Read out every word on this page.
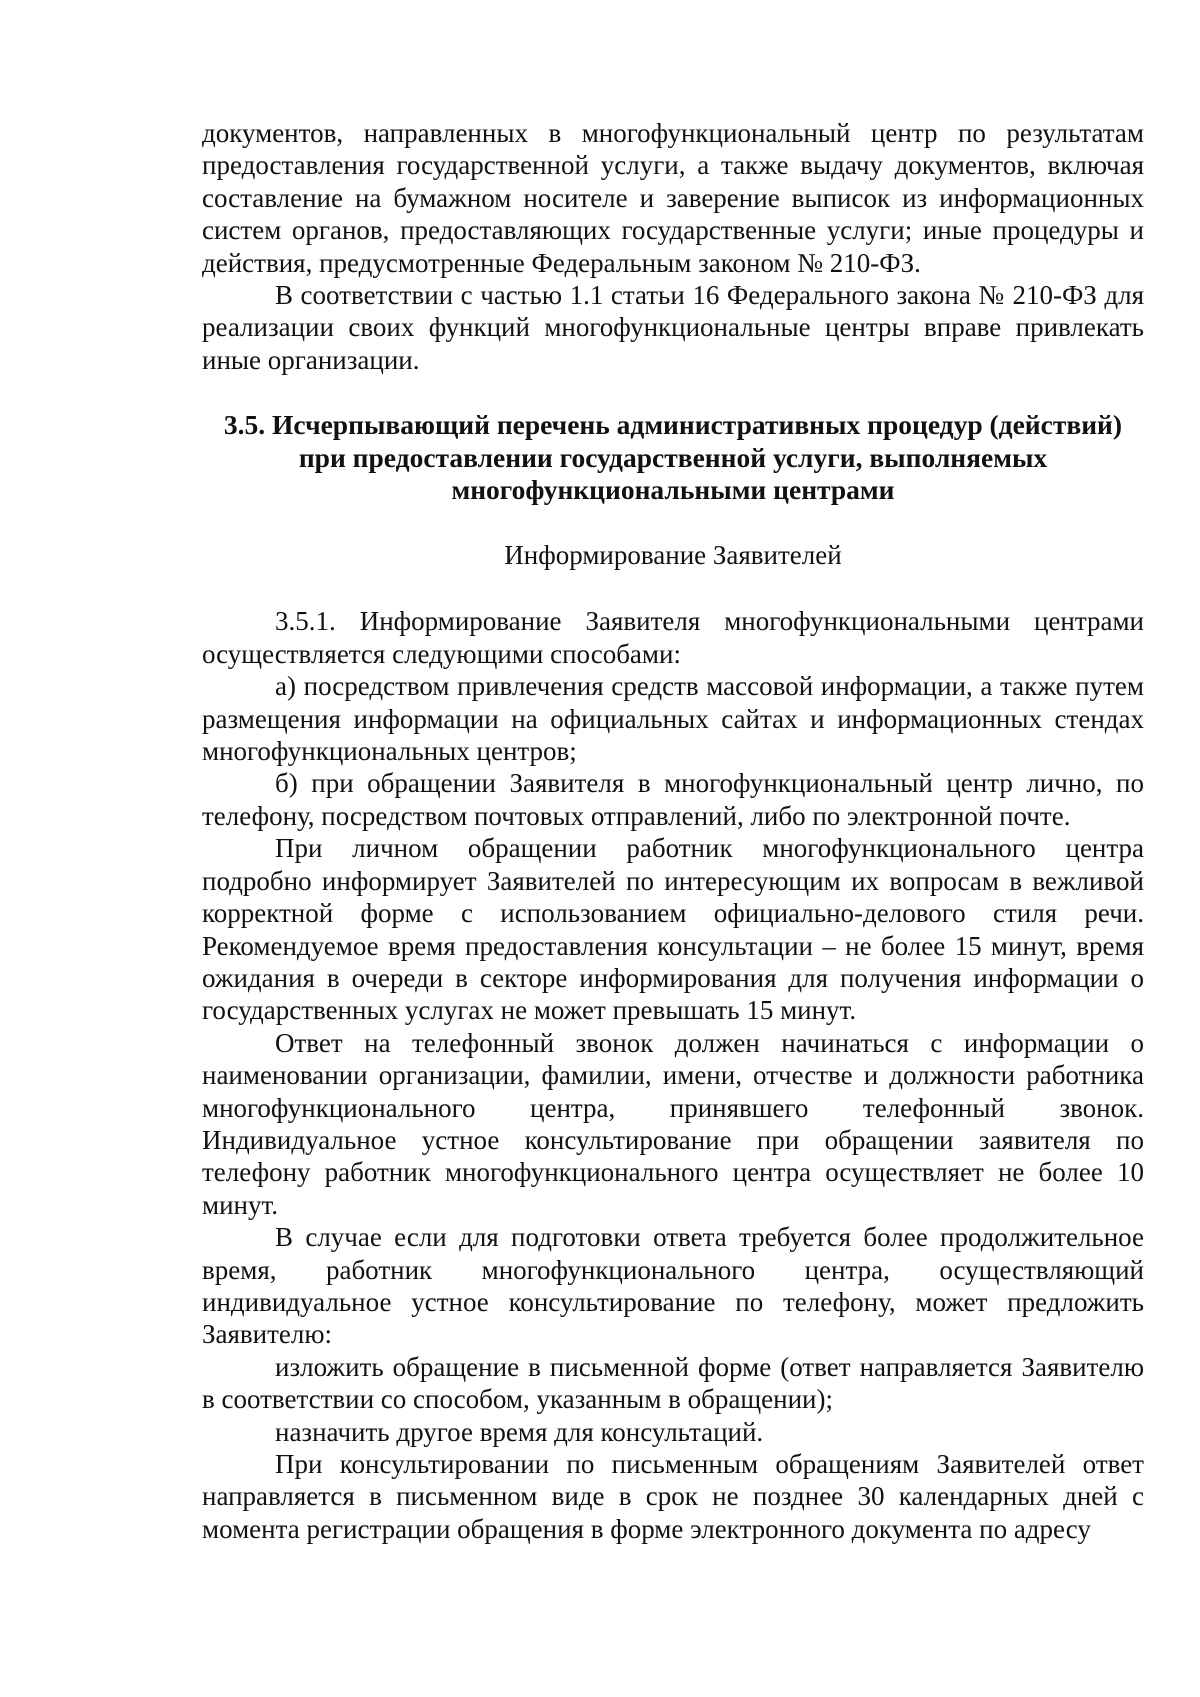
документов, направленных в многофункциональный центр по результатам предоставления государственной услуги, а также выдачу документов, включая составление на бумажном носителе и заверение выписок из информационных систем органов, предоставляющих государственные услуги; иные процедуры и действия, предусмотренные Федеральным законом № 210-ФЗ.

В соответствии с частью 1.1 статьи 16 Федерального закона № 210-ФЗ для реализации своих функций многофункциональные центры вправе привлекать иные организации.

3.5. Исчерпывающий перечень административных процедур (действий) при предоставлении государственной услуги, выполняемых многофункциональными центрами

Информирование Заявителей

3.5.1. Информирование Заявителя многофункциональными центрами осуществляется следующими способами:

а) посредством привлечения средств массовой информации, а также путем размещения информации на официальных сайтах и информационных стендах многофункциональных центров;

б) при обращении Заявителя в многофункциональный центр лично, по телефону, посредством почтовых отправлений, либо по электронной почте.

При личном обращении работник многофункционального центра подробно информирует Заявителей по интересующим их вопросам в вежливой корректной форме с использованием официально-делового стиля речи. Рекомендуемое время предоставления консультации – не более 15 минут, время ожидания в очереди в секторе информирования для получения информации о государственных услугах не может превышать 15 минут.

Ответ на телефонный звонок должен начинаться с информации о наименовании организации, фамилии, имени, отчестве и должности работника многофункционального центра, принявшего телефонный звонок. Индивидуальное устное консультирование при обращении заявителя по телефону работник многофункционального центра осуществляет не более 10 минут.

В случае если для подготовки ответа требуется более продолжительное время, работник многофункционального центра, осуществляющий индивидуальное устное консультирование по телефону, может предложить Заявителю:

изложить обращение в письменной форме (ответ направляется Заявителю в соответствии со способом, указанным в обращении);

назначить другое время для консультаций.

При консультировании по письменным обращениям Заявителей ответ направляется в письменном виде в срок не позднее 30 календарных дней с момента регистрации обращения в форме электронного документа по адресу
